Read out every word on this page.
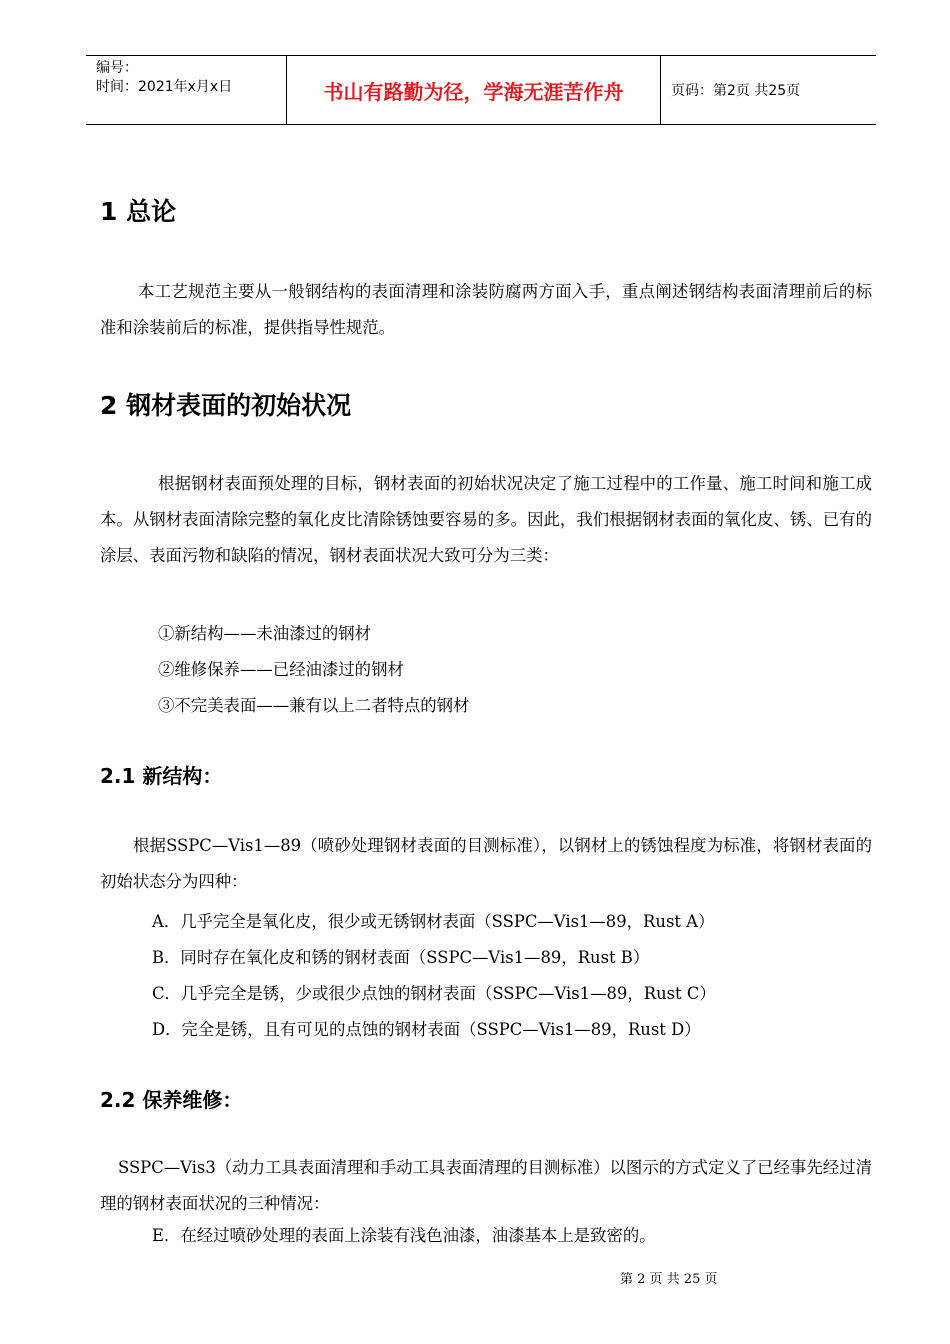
编号：
时间：2021年x月x日	书山有路勤为径，学海无涯苦作舟	页码：第2页 共25页
1 总论

本工艺规范主要从一般钢结构的表面清理和涂装防腐两方面入手，重点阐述钢结构表面清理前后的标准和涂装前后的标准，提供指导性规范。

2 钢材表面的初始状况

根据钢材表面预处理的目标，钢材表面的初始状况决定了施工过程中的工作量、施工时间和施工成本。从钢材表面清除完整的氧化皮比清除锈蚀要容易的多。因此，我们根据钢材表面的氧化皮、锈、已有的涂层、表面污物和缺陷的情况，钢材表面状况大致可分为三类：

①新结构——未油漆过的钢材

②维修保养——已经油漆过的钢材

③不完美表面——兼有以上二者特点的钢材

2.1 新结构：

根据SSPC—Vis1—89（喷砂处理钢材表面的目测标准），以钢材上的锈蚀程度为标准，将钢材表面的初始状态分为四种：

A．几乎完全是氧化皮，很少或无锈钢材表面（SSPC—Vis1—89，Rust A）

B．同时存在氧化皮和锈的钢材表面（SSPC—Vis1—89，Rust B）

C．几乎完全是锈，少或很少点蚀的钢材表面（SSPC—Vis1—89，Rust C）

D．完全是锈，且有可见的点蚀的钢材表面（SSPC—Vis1—89，Rust D）

2.2 保养维修：

SSPC—Vis3（动力工具表面清理和手动工具表面清理的目测标准）以图示的方式定义了已经事先经过清理的钢材表面状况的三种情况：

E．在经过喷砂处理的表面上涂装有浅色油漆，油漆基本上是致密的。

第 2 页 共 25 页
